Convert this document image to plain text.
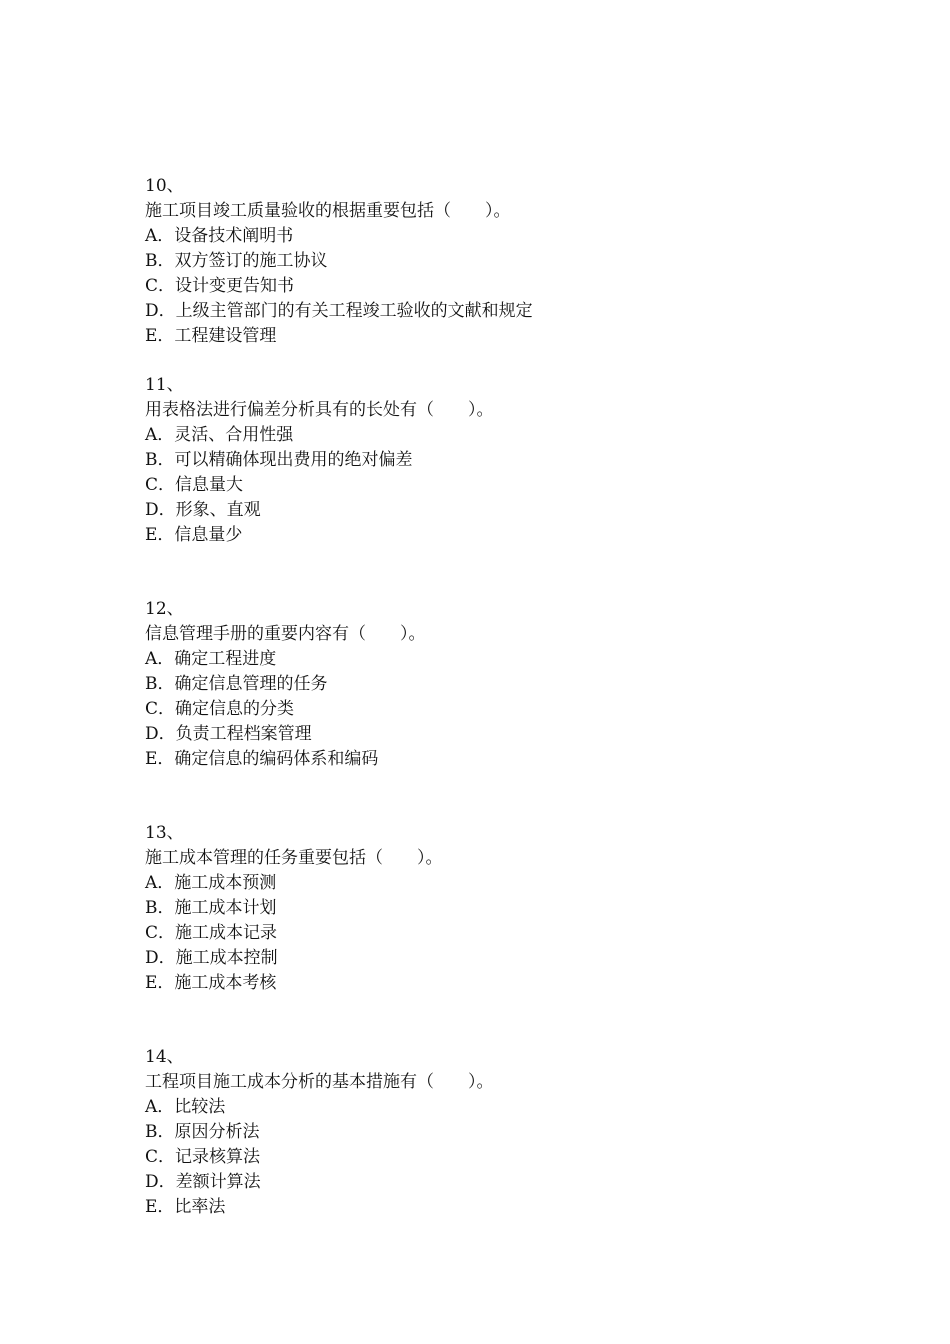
10、
施工项目竣工质量验收的根据重要包括（　　）。
A．设备技术阐明书
B．双方签订的施工协议
C．设计变更告知书
D．上级主管部门的有关工程竣工验收的文献和规定
E．工程建设管理
11、
用表格法进行偏差分析具有的长处有（　　）。
A．灵活、合用性强
B．可以精确体现出费用的绝对偏差
C．信息量大
D．形象、直观
E．信息量少
12、
信息管理手册的重要内容有（　　）。
A．确定工程进度
B．确定信息管理的任务
C．确定信息的分类
D．负责工程档案管理
E．确定信息的编码体系和编码
13、
施工成本管理的任务重要包括（　　）。
A．施工成本预测
B．施工成本计划
C．施工成本记录
D．施工成本控制
E．施工成本考核
14、
工程项目施工成本分析的基本措施有（　　）。
A．比较法
B．原因分析法
C．记录核算法
D．差额计算法
E．比率法
